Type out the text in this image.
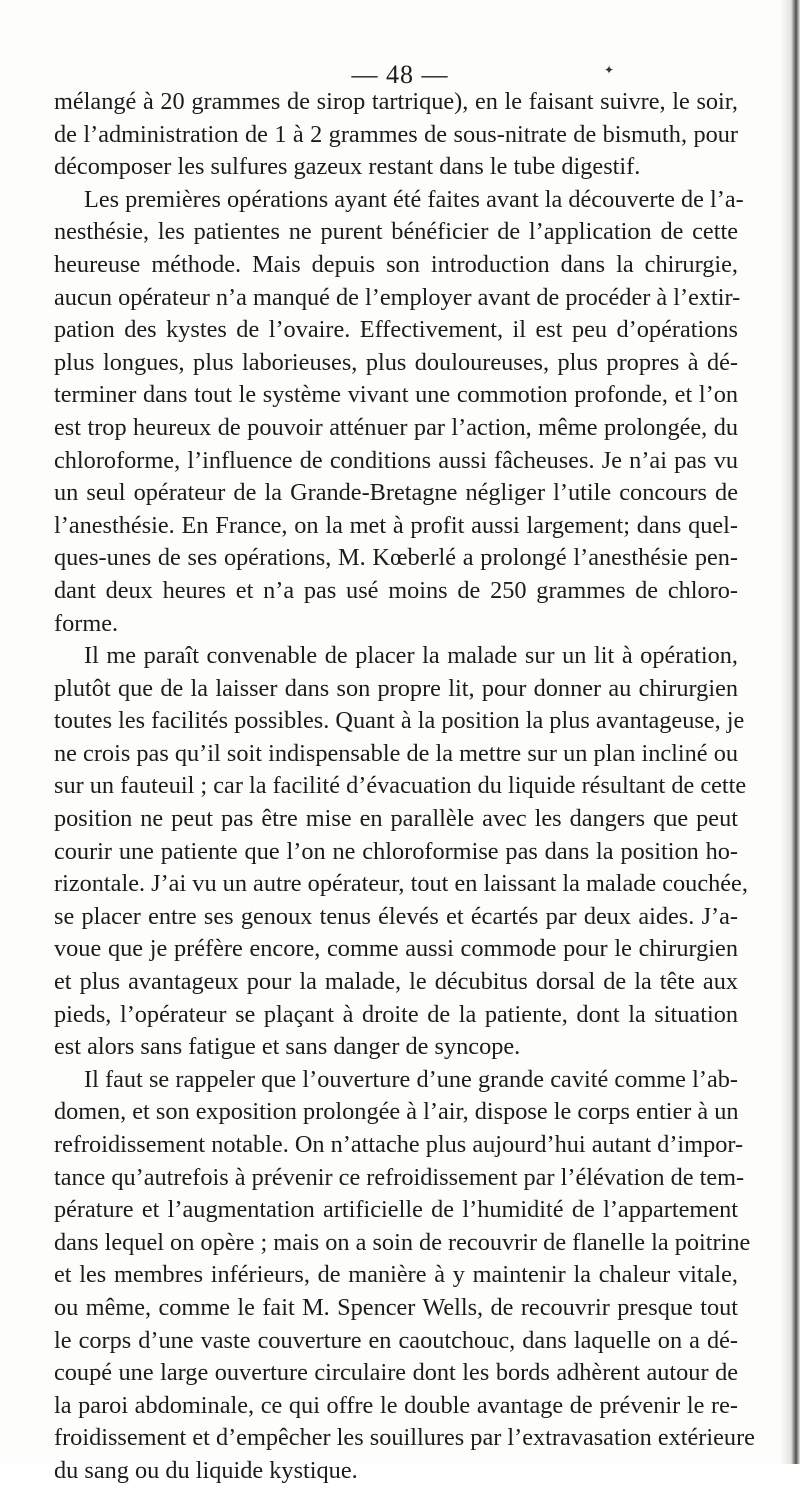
— 48 —	✦
mélangé à 20 grammes de sirop tartrique), en le faisant suivre, le soir,
de l’administration de 1 à 2 grammes de sous-nitrate de bismuth, pour
décomposer les sulfures gazeux restant dans le tube digestif.
Les premières opérations ayant été faites avant la découverte de l’a-
nesthésie, les patientes ne purent bénéficier de l’application de cette
heureuse méthode. Mais depuis son introduction dans la chirurgie,
aucun opérateur n’a manqué de l’employer avant de procéder à l’extir-
pation des kystes de l’ovaire. Effectivement, il est peu d’opérations
plus longues, plus laborieuses, plus douloureuses, plus propres à dé-
terminer dans tout le système vivant une commotion profonde, et l’on
est trop heureux de pouvoir atténuer par l’action, même prolongée, du
chloroforme, l’influence de conditions aussi fâcheuses. Je n’ai pas vu
un seul opérateur de la Grande-Bretagne négliger l’utile concours de
l’anesthésie. En France, on la met à profit aussi largement; dans quel-
ques-unes de ses opérations, M. Kœberlé a prolongé l’anesthésie pen-
dant deux heures et n’a pas usé moins de 250 grammes de chloro-
forme.
Il me paraît convenable de placer la malade sur un lit à opération,
plutôt que de la laisser dans son propre lit, pour donner au chirurgien
toutes les facilités possibles. Quant à la position la plus avantageuse, je
ne crois pas qu’il soit indispensable de la mettre sur un plan incliné ou
sur un fauteuil ; car la facilité d’évacuation du liquide résultant de cette
position ne peut pas être mise en parallèle avec les dangers que peut
courir une patiente que l’on ne chloroformise pas dans la position ho-
rizontale. J’ai vu un autre opérateur, tout en laissant la malade couchée,
se placer entre ses genoux tenus élevés et écartés par deux aides. J’a-
voue que je préfère encore, comme aussi commode pour le chirurgien
et plus avantageux pour la malade, le décubitus dorsal de la tête aux
pieds, l’opérateur se plaçant à droite de la patiente, dont la situation
est alors sans fatigue et sans danger de syncope.
Il faut se rappeler que l’ouverture d’une grande cavité comme l’ab-
domen, et son exposition prolongée à l’air, dispose le corps entier à un
refroidissement notable. On n’attache plus aujourd’hui autant d’impor-
tance qu’autrefois à prévenir ce refroidissement par l’élévation de tem-
pérature et l’augmentation artificielle de l’humidité de l’appartement
dans lequel on opère ; mais on a soin de recouvrir de flanelle la poitrine
et les membres inférieurs, de manière à y maintenir la chaleur vitale,
ou même, comme le fait M. Spencer Wells, de recouvrir presque tout
le corps d’une vaste couverture en caoutchouc, dans laquelle on a dé-
coupé une large ouverture circulaire dont les bords adhèrent autour de
la paroi abdominale, ce qui offre le double avantage de prévenir le re-
froidissement et d’empêcher les souillures par l’extravasation extérieure
du sang ou du liquide kystique.
